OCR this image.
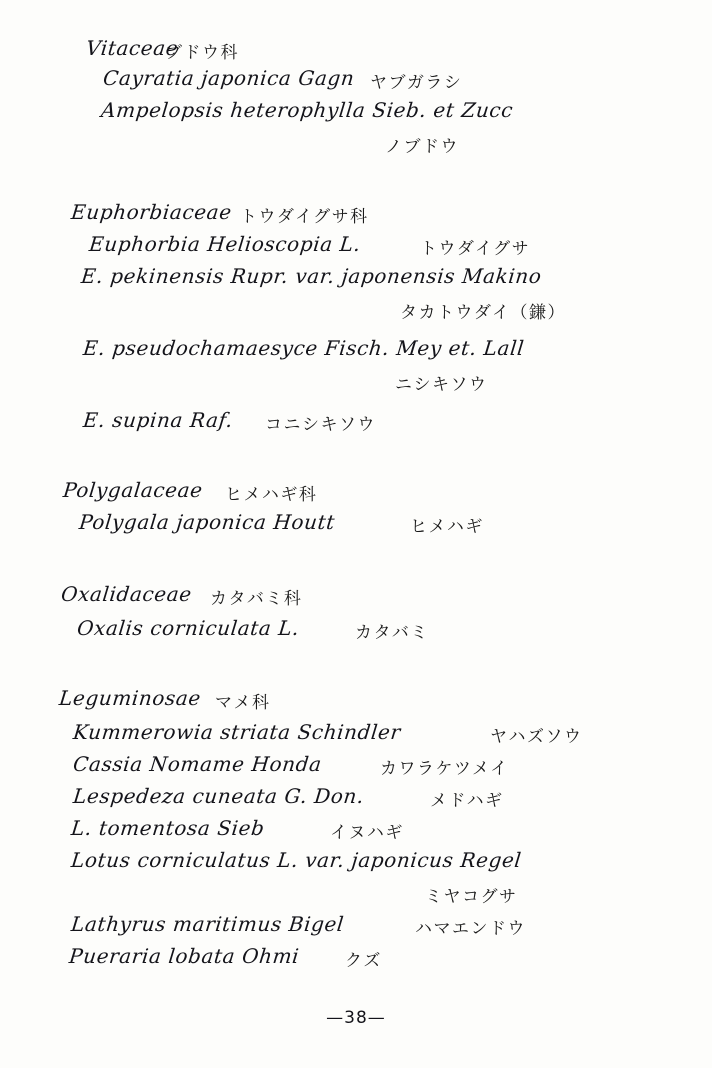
Vitaceae
ブドウ科
Cayratia japonica Gagn ヤブガラシ
Ampelopsis heterophylla Sieb. et Zucc
ノブドウ
Euphorbiaceae トウダイグサ科
Euphorbia Helioscopia L.	トウダイグサ
E. pekinensis Rupr. var. japonensis Makino
タカトウダイ（鎌）
E. pseudochamaesyce Fisch. Mey et. Lall
ニシキソウ
E. supina Raf. コニシキソウ
Polygalaceae ヒメハギ科
Polygala japonica Houtt	ヒメハギ
Oxalidaceae カタバミ科
Oxalis corniculata L.	カタバミ
Leguminosae マメ科
Kummerowia striata Schindler	ヤハズソウ
Cassia Nomame Honda	カワラケツメイ
Lespedeza cuneata G. Don.	メドハギ
L. tomentosa Sieb	イヌハギ
Lotus corniculatus L. var. japonicus Regel
ミヤコグサ
Lathyrus maritimus Bigel	ハマエンドウ
Pueraria lobata Ohmi	クズ
—38—
